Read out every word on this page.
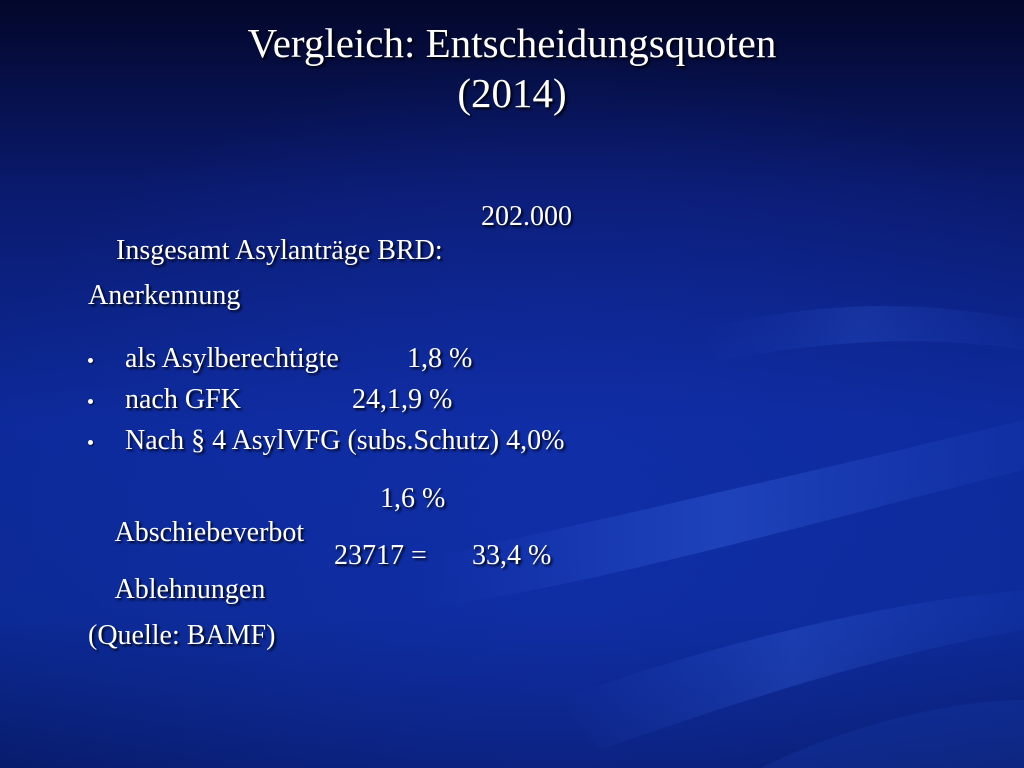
Vergleich: Entscheidungsquoten
(2014)

Insgesamt Asylanträge BRD:

202.000

Anerkennung

als Asylberechtigte

1,8 %

nach GFK

	24,1,9 %

Nach § 4 AsylVFG (subs.Schutz) 4,0%

Abschiebeverbot

1,6 %

Ablehnungen

23717 =

33,4 %

(Quelle: BAMF)
